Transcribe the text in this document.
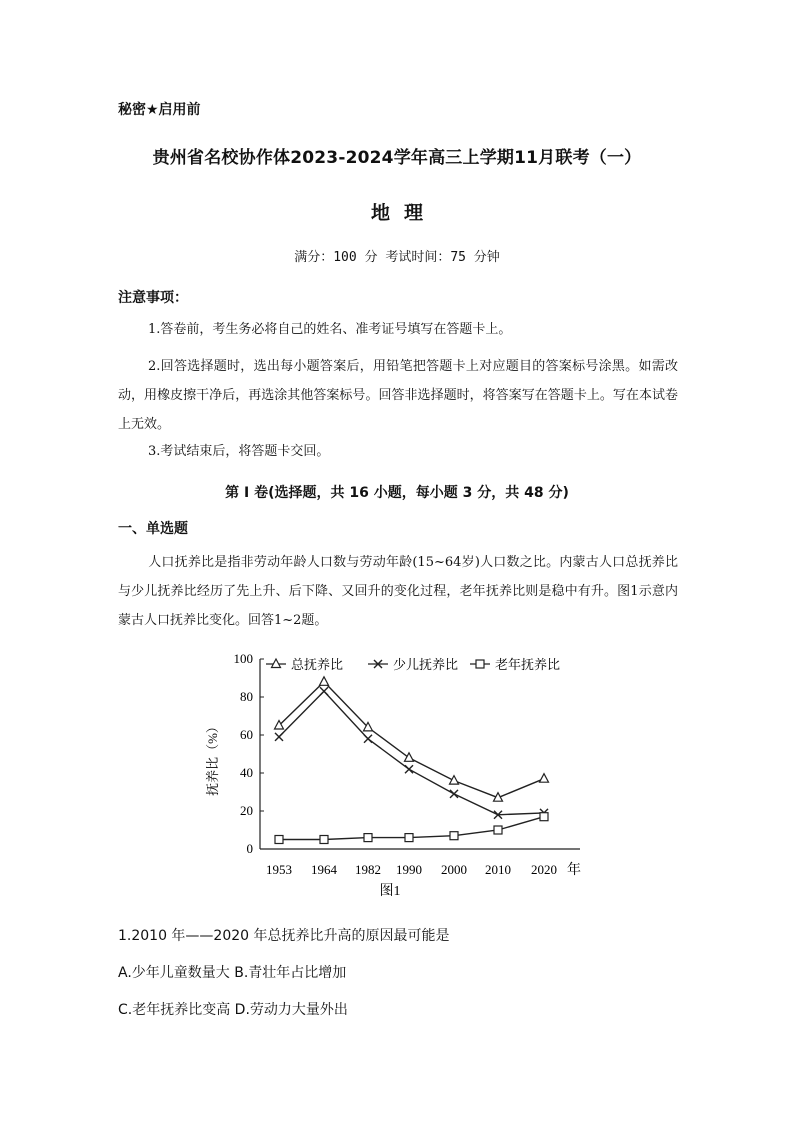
秘密★启用前
贵州省名校协作体2023-2024学年高三上学期11月联考（一）
地理
满分：100 分 考试时间：75 分钟
注意事项：
1.答卷前，考生务必将自己的姓名、准考证号填写在答题卡上。
2.回答选择题时，选出每小题答案后，用铅笔把答题卡上对应题目的答案标号涂黑。如需改动，用橡皮擦干净后，再选涂其他答案标号。回答非选择题时，将答案写在答题卡上。写在本试卷上无效。
3.考试结束后，将答题卡交回。
第 I 卷(选择题，共 16 小题，每小题 3 分，共 48 分)
一、单选题
人口抚养比是指非劳动年龄人口数与劳动年龄(15~64岁)人口数之比。内蒙古人口总抚养比与少儿抚养比经历了先上升、后下降、又回升的变化过程，老年抚养比则是稳中有升。图1示意内蒙古人口抚养比变化。回答1~2题。
0
20
40
60
80
100
1953 1964 1982 1990 2000 2010 2020
总抚养比	少儿抚养比	老年抚养比
抚养比（%）
年
图1
1.2010 年——2020 年总抚养比升高的原因最可能是
A.少年儿童数量大 B.青壮年占比增加
C.老年抚养比变高 D.劳动力大量外出
